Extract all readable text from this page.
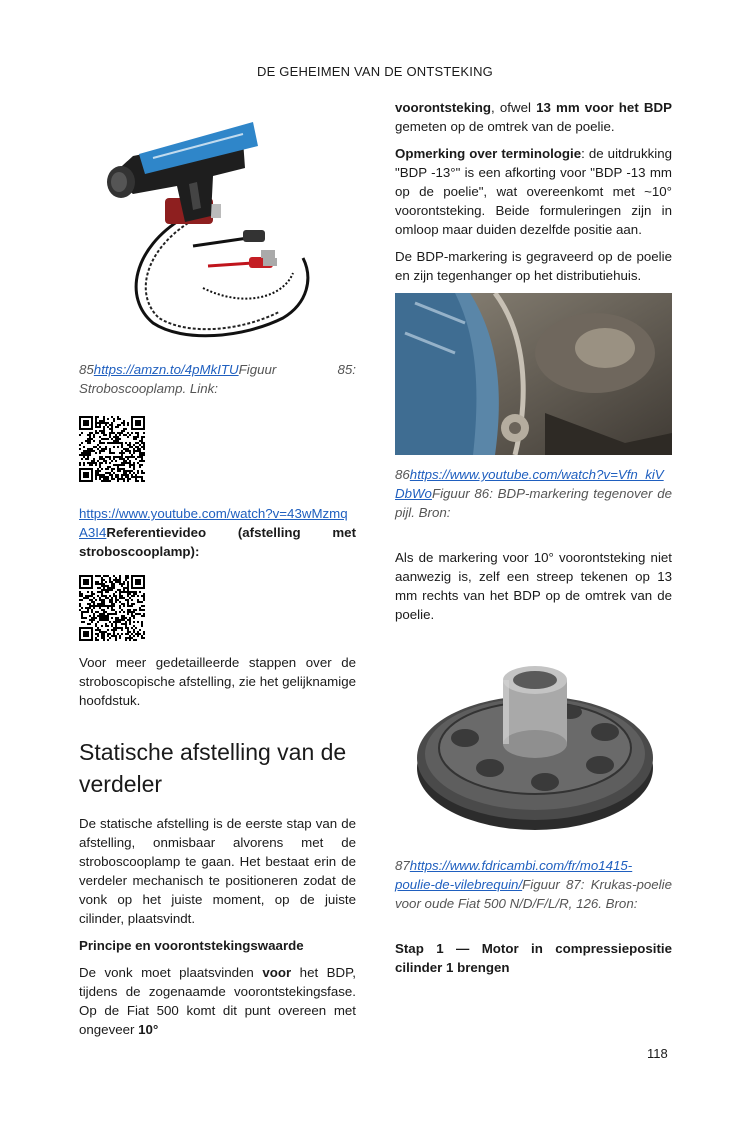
DE GEHEIMEN VAN DE ONTSTEKING

85https://amzn.to/4pMkITUFiguur 85: Stroboscooplamp. Link:

https://www.youtube.com/watch?v=43wMzmqA3I4Referentievideo (afstelling met stroboscooplamp):

Voor meer gedetailleerde stappen over de stroboscopische afstelling, zie het gelijknamige hoofdstuk.

Statische afstelling van de verdeler

De statische afstelling is de eerste stap van de afstelling, onmisbaar alvorens met de stroboscooplamp te gaan. Het bestaat erin de verdeler mechanisch te positioneren zodat de vonk op het juiste moment, op de juiste cilinder, plaatsvindt.

Principe en voorontstekingswaarde

De vonk moet plaatsvinden voor het BDP, tijdens de zogenaamde voorontstekingsfase. Op de Fiat 500 komt dit punt overeen met ongeveer 10°

voorontsteking, ofwel 13 mm voor het BDP gemeten op de omtrek van de poelie.

Opmerking over terminologie: de uitdrukking "BDP -13°" is een afkorting voor "BDP -13 mm op de poelie", wat overeenkomt met ~10° voorontsteking. Beide formuleringen zijn in omloop maar duiden dezelfde positie aan.

De BDP-markering is gegraveerd op de poelie en zijn tegenhanger op het distributiehuis.

86https://www.youtube.com/watch?v=Vfn_kiVDbWoFiguur 86: BDP-markering tegenover de pijl. Bron:

Als de markering voor 10° voorontsteking niet aanwezig is, zelf een streep tekenen op 13 mm rechts van het BDP op de omtrek van de poelie.

87https://www.fdricambi.com/fr/mo1415-poulie-de-vilebrequin/Figuur 87: Krukas-poelie voor oude Fiat 500 N/D/F/L/R, 126. Bron:

Stap 1 — Motor in compressiepositie cilinder 1 brengen

118
